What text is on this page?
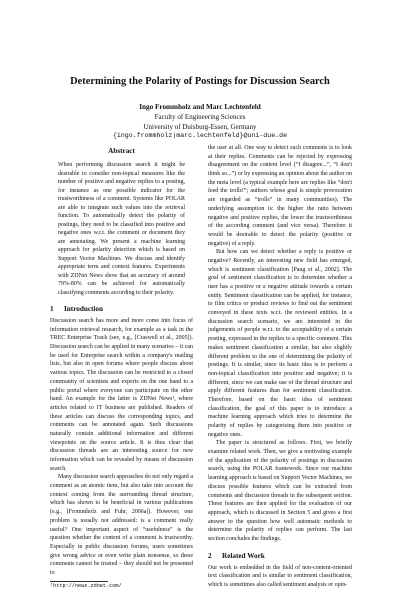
Determining the Polarity of Postings for Discussion Search
Ingo Frommholz and Marc Lechtenfeld
Faculty of Engineering Sciences
University of Duisburg-Essen, Germany
{ingo.frommholz|marc.lechtenfeld}@uni-due.de
Abstract

When performing discussion search it might be desirable to consider non-topical measures like the number of positive and negative replies to a posting, for instance as one possible indicator for the trustworthiness of a comment. Systems like POLAR are able to integrate such values into the retrieval function. To automatically detect the polarity of postings, they need to be classified into positive and negative ones w.r.t. the comment or document they are annotating. We present a machine learning approach for polarity detection which is based on Support Vector Machines. We discuss and identify appropriate term and context features. Experiments with ZDNet News show that an accuracy of around 79%-80% can be achieved for automatically classifying comments according to their polarity.

1 Introduction

Discussion search has more and more come into focus of information retrieval research, for example as a task in the TREC Enterprise Track (see, e.g., [Craswell et al., 2005]). Discussion search can be applied in many scenarios – it can be used for Enterprise search within a company's mailing lists, but also in open forums where people discuss about various topics. The discussion can be restricted to a closed community of scientists and experts on the one hand to a public portal where everyone can participate on the other hand. An example for the latter is ZDNet News¹, where articles related to IT business are published. Readers of these articles can discuss the corresponding topics, and comments can be annotated again. Such discussions naturally contain additional information and different viewpoints on the source article. It is thus clear that discussion threads are an interesting source for new information which can be revealed by means of discussion search.

Many discussion search approaches do not only regard a comment as an atomic item, but also take into account the context coming from the surrounding thread structure, which has shown to be beneficial in various publications (e.g., [Frommholz and Fuhr, 2006a]). However, one problem is usually not addressed: is a comment really useful? One important aspect of “usefulness” is the question whether the content of a comment is trustworthy. Especially in public discussion forums, users sometimes give wrong advice or even write plain nonsense, so these comments cannot be trusted – they should not be presented to

¹http://news.zdnet.com/

the user at all. One way to detect such comments is to look at their replies. Comments can be rejected by expressing disagreement on the content level (“I disagree...”, “I don't think so...”) or by expressing an opinion about the author on the meta level (a typical example here are replies like “don't feed the trolls!”; authors whose goal is simple provocation are regarded as “trolls” in many communities). The underlying assumption is: the higher the ratio between negative and positive replies, the lower the trustworthiness of the according comment (and vice versa). Therefore it would be desirable to detect the polarity (positive or negative) of a reply.

But how can we detect whether a reply is positive or negative? Recently, an interesting new field has emerged, which is sentiment classification [Pang et al., 2002]. The goal of sentiment classification is to determine whether a user has a positive or a negative attitude towards a certain entity. Sentiment classification can be applied, for instance, to film critics or product reviews to find out the sentiment conveyed in these texts w.r.t. the reviewed entities. In a discussion search scenario, we are interested in the judgements of people w.r.t. to the acceptability of a certain posting, expressed in the replies to a specific comment. This makes sentiment classification a similar, but also slightly different problem to the one of determining the polarity of postings. It is similar, since its basic idea is to perform a non-topical classification into positive and negative; it is different, since we can make use of the thread structure and apply different features than for sentiment classification. Therefore, based on the basic idea of sentiment classification, the goal of this paper is to introduce a machine learning approach which tries to determine the polarity of replies by categorising them into positive or negative ones.

The paper is structured as follows. First, we briefly examine related work. Then, we give a motivating example of the application of the polarity of postings in discussion search, using the POLAR framework. Since our machine learning approach is based on Support Vector Machines, we discuss possible features which can be extracted from comments and discussion threads in the subsequent section. These features are then applied for the evaluation of our approach, which is discussed in Section 5 and gives a first answer to the question how well automatic methods to determine the polarity of replies can perform. The last section concludes the findings.

2 Related Work

Our work is embedded in the field of non-content-oriented text classification and is similar to sentiment classification, which is sometimes also called sentiment analysis or opin-
